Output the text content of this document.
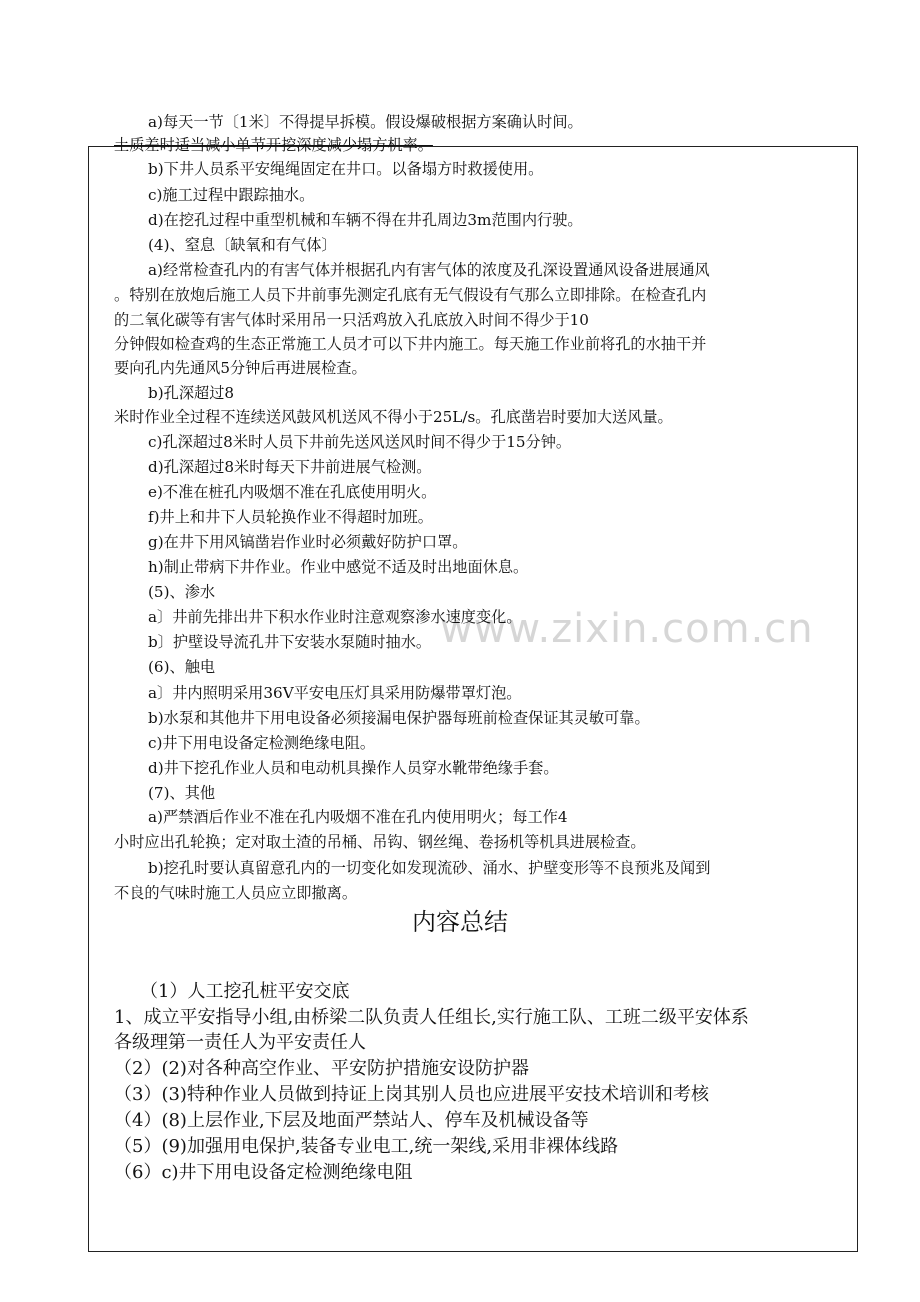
www.zixin.com.cn
a)每天一节〔1米〕不得提早拆模。假设爆破根据方案确认时间。
土质差时适当减小单节开挖深度减少塌方机率。
b)下井人员系平安绳绳固定在井口。以备塌方时救援使用。
c)施工过程中跟踪抽水。
d)在挖孔过程中重型机械和车辆不得在井孔周边3m范围内行驶。
(4)、窒息〔缺氧和有气体〕
a)经常检查孔内的有害气体并根据孔内有害气体的浓度及孔深设置通风设备进展通风
。特别在放炮后施工人员下井前事先测定孔底有无气假设有气那么立即排除。在检查孔内
的二氧化碳等有害气体时采用吊一只活鸡放入孔底放入时间不得少于10
分钟假如检查鸡的生态正常施工人员才可以下井内施工。每天施工作业前将孔的水抽干并
要向孔内先通风5分钟后再进展检查。
b)孔深超过8
米时作业全过程不连续送风鼓风机送风不得小于25L/s。孔底凿岩时要加大送风量。
c)孔深超过8米时人员下井前先送风送风时间不得少于15分钟。
d)孔深超过8米时每天下井前进展气检测。
e)不准在桩孔内吸烟不准在孔底使用明火。
f)井上和井下人员轮换作业不得超时加班。
g)在井下用风镐凿岩作业时必须戴好防护口罩。
h)制止带病下井作业。作业中感觉不适及时出地面休息。
(5)、渗水
a〕井前先排出井下积水作业时注意观察渗水速度变化。
b〕护壁设导流孔井下安装水泵随时抽水。
(6)、触电
a〕井内照明采用36V平安电压灯具采用防爆带罩灯泡。
b)水泵和其他井下用电设备必须接漏电保护器每班前检查保证其灵敏可靠。
c)井下用电设备定检测绝缘电阻。
d)井下挖孔作业人员和电动机具操作人员穿水靴带绝缘手套。
(7)、其他
a)严禁酒后作业不准在孔内吸烟不准在孔内使用明火；每工作4
小时应出孔轮换；定对取土渣的吊桶、吊钩、钢丝绳、卷扬机等机具进展检查。
b)挖孔时要认真留意孔内的一切变化如发现流砂、涌水、护壁变形等不良预兆及闻到
不良的气味时施工人员应立即撤离。
内容总结
（1）人工挖孔桩平安交底
1、成立平安指导小组,由桥梁二队负责人任组长,实行施工队、工班二级平安体系
各级理第一责任人为平安责任人
（2）(2)对各种高空作业、平安防护措施安设防护器
（3）(3)特种作业人员做到持证上岗其别人员也应进展平安技术培训和考核
（4）(8)上层作业,下层及地面严禁站人、停车及机械设备等
（5）(9)加强用电保护,装备专业电工,统一架线,采用非裸体线路
（6）c)井下用电设备定检测绝缘电阻
